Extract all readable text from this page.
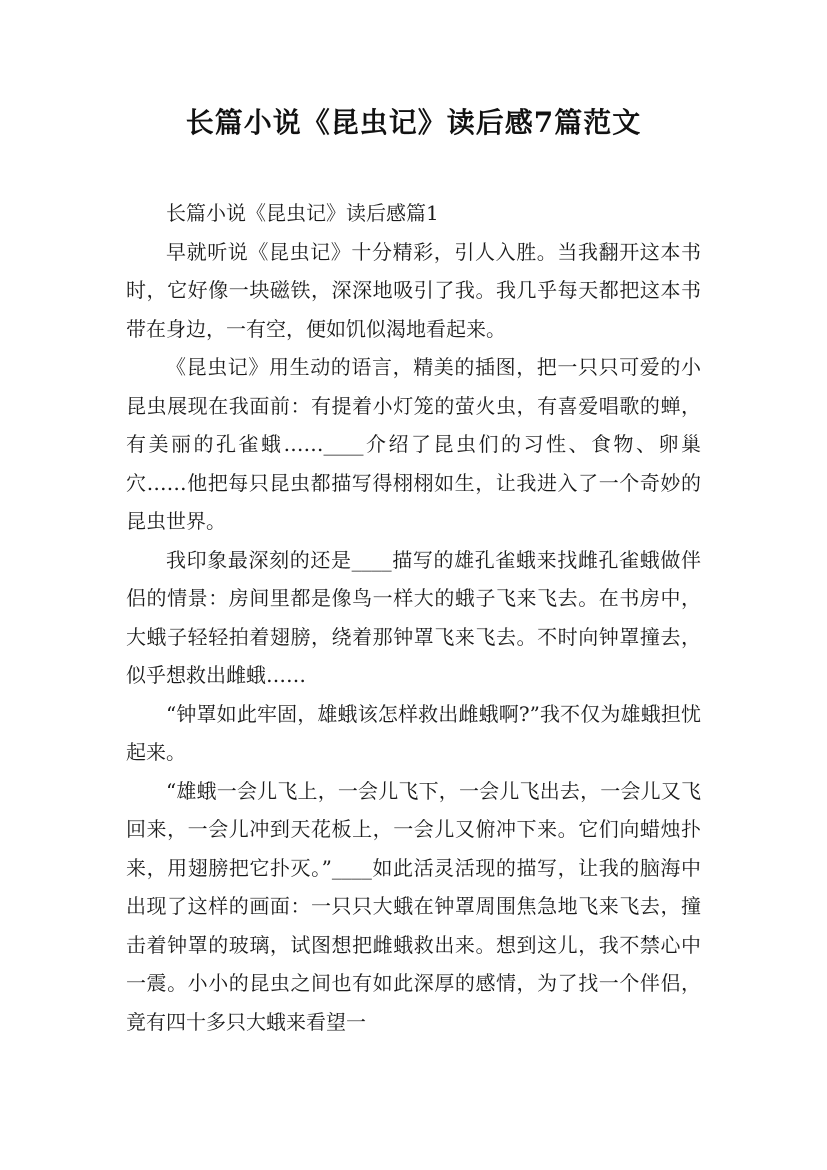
长篇小说《昆虫记》读后感7篇范文

长篇小说《昆虫记》读后感篇1

早就听说《昆虫记》十分精彩，引人入胜。当我翻开这本书时，它好像一块磁铁，深深地吸引了我。我几乎每天都把这本书带在身边，一有空，便如饥似渴地看起来。

《昆虫记》用生动的语言，精美的插图，把一只只可爱的小昆虫展现在我面前：有提着小灯笼的萤火虫，有喜爱唱歌的蝉，有美丽的孔雀蛾……____介绍了昆虫们的习性、食物、卵巢穴……他把每只昆虫都描写得栩栩如生，让我进入了一个奇妙的昆虫世界。

我印象最深刻的还是____描写的雄孔雀蛾来找雌孔雀蛾做伴侣的情景：房间里都是像鸟一样大的蛾子飞来飞去。在书房中，大蛾子轻轻拍着翅膀，绕着那钟罩飞来飞去。不时向钟罩撞去，似乎想救出雌蛾……

“钟罩如此牢固，雄蛾该怎样救出雌蛾啊?”我不仅为雄蛾担忧起来。

“雄蛾一会儿飞上，一会儿飞下，一会儿飞出去，一会儿又飞回来，一会儿冲到天花板上，一会儿又俯冲下来。它们向蜡烛扑来，用翅膀把它扑灭。”____如此活灵活现的描写，让我的脑海中出现了这样的画面：一只只大蛾在钟罩周围焦急地飞来飞去，撞击着钟罩的玻璃，试图想把雌蛾救出来。想到这儿，我不禁心中一震。小小的昆虫之间也有如此深厚的感情，为了找一个伴侣，竟有四十多只大蛾来看望一
